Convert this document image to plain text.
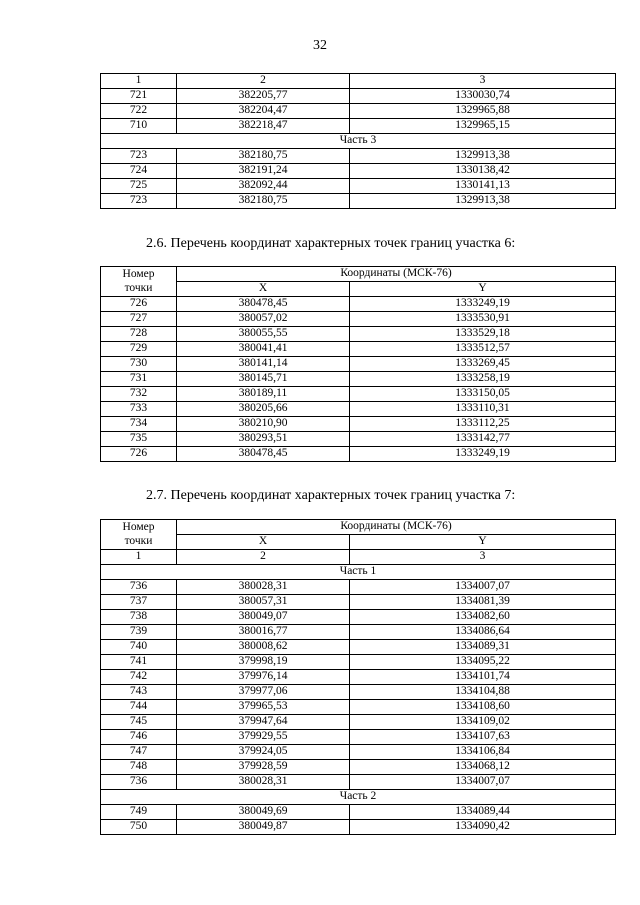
32
1	2	3
721	382205,77	1330030,74
722	382204,47	1329965,88
710	382218,47	1329965,15
Часть 3		
723	382180,75	1329913,38
724	382191,24	1330138,42
725	382092,44	1330141,13
723	382180,75	1329913,38
2.6. Перечень координат характерных точек границ участка 6:
Номер
точки	Координаты (МСК-76)	
	X	Y
726	380478,45	1333249,19
727	380057,02	1333530,91
728	380055,55	1333529,18
729	380041,41	1333512,57
730	380141,14	1333269,45
731	380145,71	1333258,19
732	380189,11	1333150,05
733	380205,66	1333110,31
734	380210,90	1333112,25
735	380293,51	1333142,77
726	380478,45	1333249,19
2.7. Перечень координат характерных точек границ участка 7:
Номер
точки	Координаты (МСК-76)	
	X	Y
1	2	3
Часть 1		
736	380028,31	1334007,07
737	380057,31	1334081,39
738	380049,07	1334082,60
739	380016,77	1334086,64
740	380008,62	1334089,31
741	379998,19	1334095,22
742	379976,14	1334101,74
743	379977,06	1334104,88
744	379965,53	1334108,60
745	379947,64	1334109,02
746	379929,55	1334107,63
747	379924,05	1334106,84
748	379928,59	1334068,12
736	380028,31	1334007,07
Часть 2		
749	380049,69	1334089,44
750	380049,87	1334090,42
